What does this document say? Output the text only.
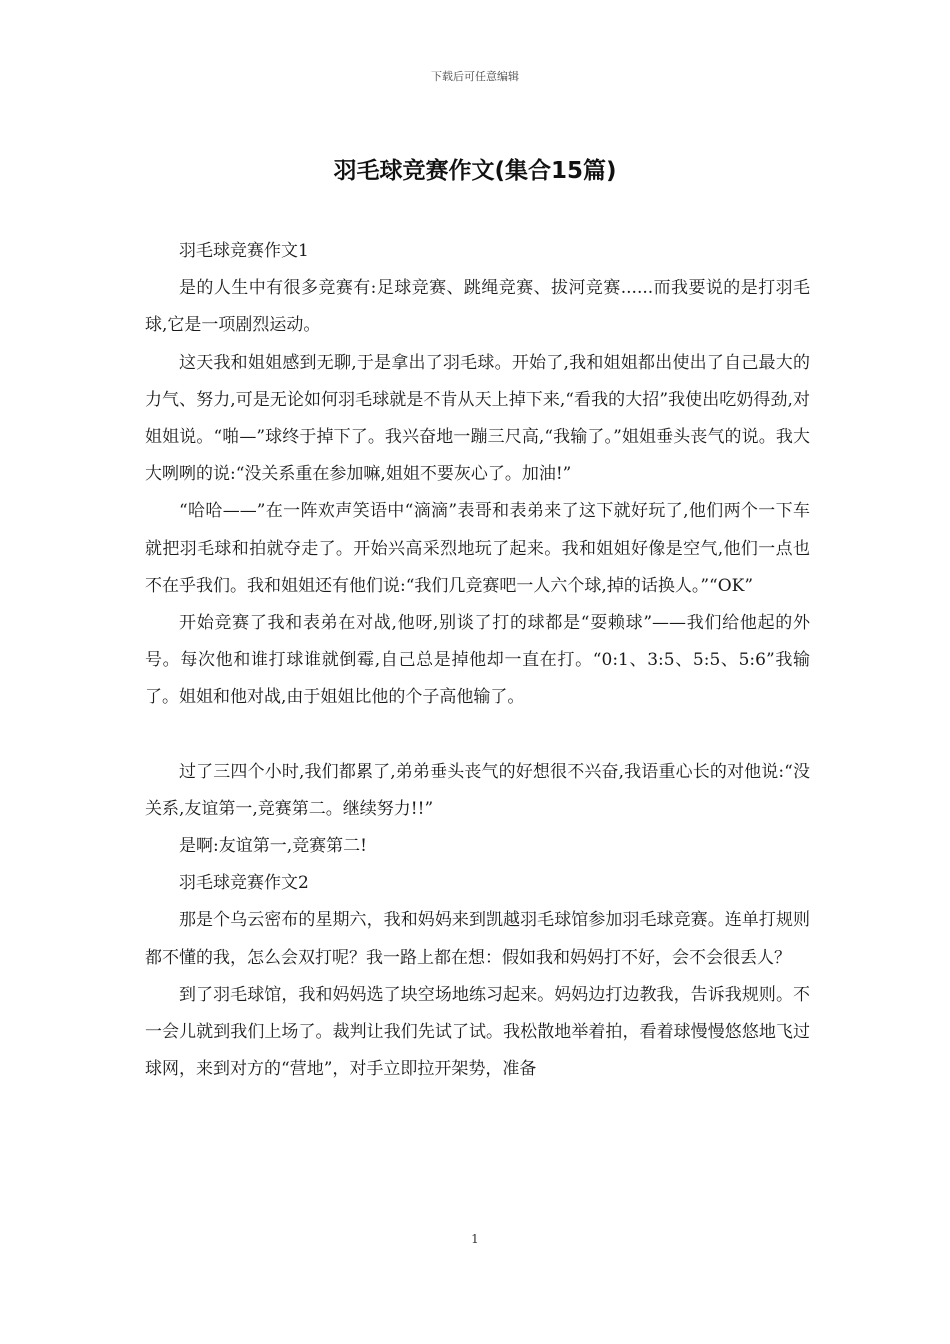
下载后可任意编辑
羽毛球竞赛作文(集合15篇)

羽毛球竞赛作文1

是的人生中有很多竞赛有:足球竞赛、跳绳竞赛、拔河竞赛......而我要说的是打羽毛球,它是一项剧烈运动。

这天我和姐姐感到无聊,于是拿出了羽毛球。开始了,我和姐姐都出使出了自己最大的力气、努力,可是无论如何羽毛球就是不肯从天上掉下来,“看我的大招”我使出吃奶得劲,对姐姐说。“啪—”球终于掉下了。我兴奋地一蹦三尺高,“我输了。”姐姐垂头丧气的说。我大大咧咧的说:“没关系重在参加嘛,姐姐不要灰心了。加油!”

“哈哈——”在一阵欢声笑语中“滴滴”表哥和表弟来了这下就好玩了,他们两个一下车就把羽毛球和拍就夺走了。开始兴高采烈地玩了起来。我和姐姐好像是空气,他们一点也不在乎我们。我和姐姐还有他们说:“我们几竞赛吧一人六个球,掉的话换人。”“OK”

开始竞赛了我和表弟在对战,他呀,别谈了打的球都是“耍赖球”——我们给他起的外号。每次他和谁打球谁就倒霉,自己总是掉他却一直在打。“0:1、3:5、5:5、5:6”我输了。姐姐和他对战,由于姐姐比他的个子高他输了。

过了三四个小时,我们都累了,弟弟垂头丧气的好想很不兴奋,我语重心长的对他说:“没关系,友谊第一,竞赛第二。继续努力!!”

是啊:友谊第一,竞赛第二!

羽毛球竞赛作文2

那是个乌云密布的星期六，我和妈妈来到凯越羽毛球馆参加羽毛球竞赛。连单打规则都不懂的我，怎么会双打呢？我一路上都在想：假如我和妈妈打不好，会不会很丢人？

到了羽毛球馆，我和妈妈选了块空场地练习起来。妈妈边打边教我，告诉我规则。不一会儿就到我们上场了。裁判让我们先试了试。我松散地举着拍，看着球慢慢悠悠地飞过球网，来到对方的“营地”，对手立即拉开架势，准备

1
